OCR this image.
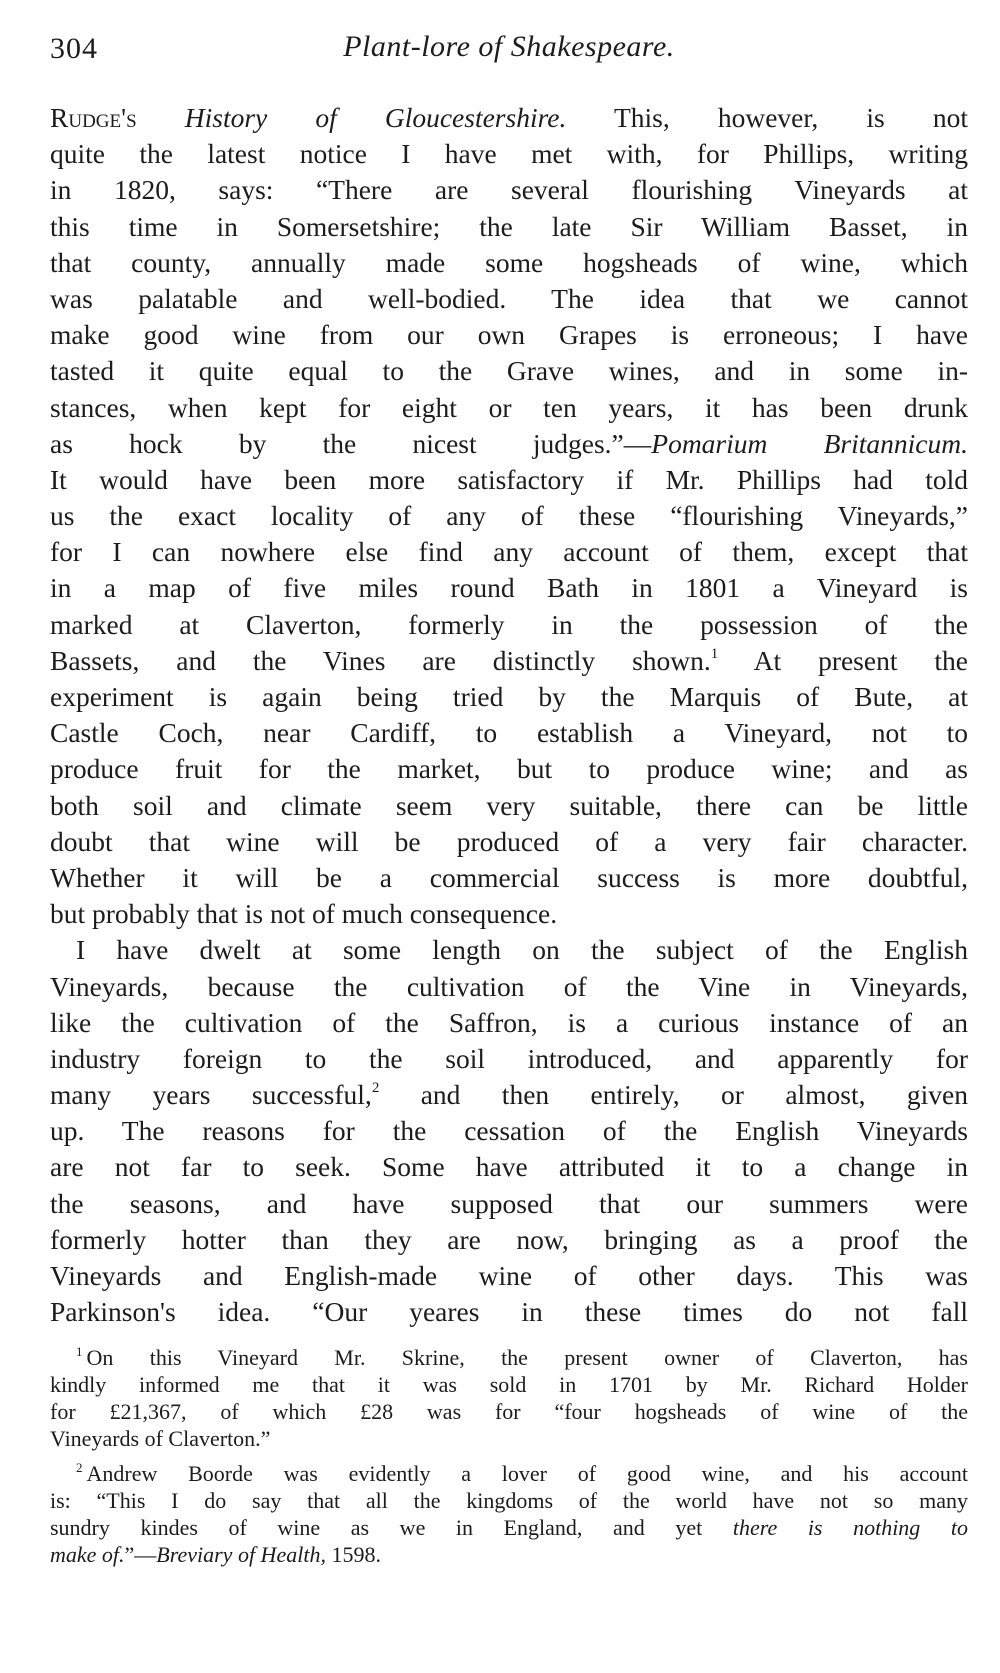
304	Plant-lore of Shakespeare.
Rudge's History of Gloucestershire. This, however, is not
quite the latest notice I have met with, for Phillips, writing
in 1820, says: “There are several flourishing Vineyards at
this time in Somersetshire; the late Sir William Basset, in
that county, annually made some hogsheads of wine, which
was palatable and well-bodied. The idea that we cannot
make good wine from our own Grapes is erroneous; I have
tasted it quite equal to the Grave wines, and in some in-
stances, when kept for eight or ten years, it has been drunk
as hock by the nicest judges.”—Pomarium Britannicum.
It would have been more satisfactory if Mr. Phillips had told
us the exact locality of any of these “flourishing Vineyards,”
for I can nowhere else find any account of them, except that
in a map of five miles round Bath in 1801 a Vineyard is
marked at Claverton, formerly in the possession of the
Bassets, and the Vines are distinctly shown.$^1$ At present the
experiment is again being tried by the Marquis of Bute, at
Castle Coch, near Cardiff, to establish a Vineyard, not to
produce fruit for the market, but to produce wine; and as
both soil and climate seem very suitable, there can be little
doubt that wine will be produced of a very fair character.
Whether it will be a commercial success is more doubtful,
but probably that is not of much consequence.
I have dwelt at some length on the subject of the English
Vineyards, because the cultivation of the Vine in Vineyards,
like the cultivation of the Saffron, is a curious instance of an
industry foreign to the soil introduced, and apparently for
many years successful,$^2$ and then entirely, or almost, given
up. The reasons for the cessation of the English Vineyards
are not far to seek. Some have attributed it to a change in
the seasons, and have supposed that our summers were
formerly hotter than they are now, bringing as a proof the
Vineyards and English-made wine of other days. This was
Parkinson's idea. “Our yeares in these times do not fall
$^1$ On this Vineyard Mr. Skrine, the present owner of Claverton, has
kindly informed me that it was sold in 1701 by Mr. Richard Holder
for £21,367, of which £28 was for “four hogsheads of wine of the
Vineyards of Claverton.”
$^2$ Andrew Boorde was evidently a lover of good wine, and his account
is: “This I do say that all the kingdoms of the world have not so many
sundry kindes of wine as we in England, and yet there is nothing to
make of.”—Breviary of Health, 1598.
